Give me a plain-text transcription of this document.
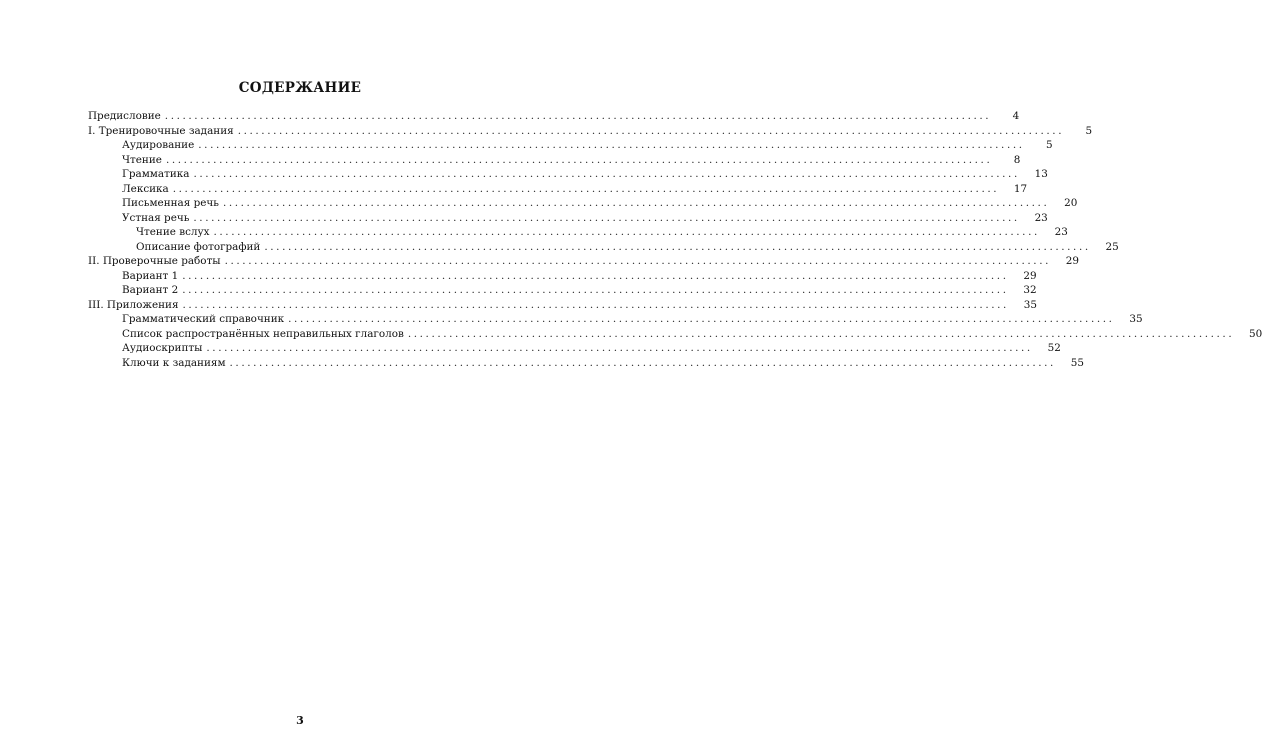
СОДЕРЖАНИЕ
Предисловие ............................................................................................................................................	4
I. Тренировочные задания ............................................................................................................................................	5
Аудирование ............................................................................................................................................	5
Чтение ............................................................................................................................................	8
Грамматика ............................................................................................................................................	13
Лексика ............................................................................................................................................	17
Письменная речь ............................................................................................................................................	20
Устная речь ............................................................................................................................................	23
Чтение вслух ............................................................................................................................................	23
Описание фотографий ............................................................................................................................................	25
II. Проверочные работы ............................................................................................................................................	29
Вариант 1 ............................................................................................................................................	29
Вариант 2 ............................................................................................................................................	32
III. Приложения ............................................................................................................................................	35
Грамматический справочник ............................................................................................................................................	35
Список распространённых неправильных глаголов ............................................................................................................................................	50
Аудиоскрипты ............................................................................................................................................	52
Ключи к заданиям ............................................................................................................................................	55
3
